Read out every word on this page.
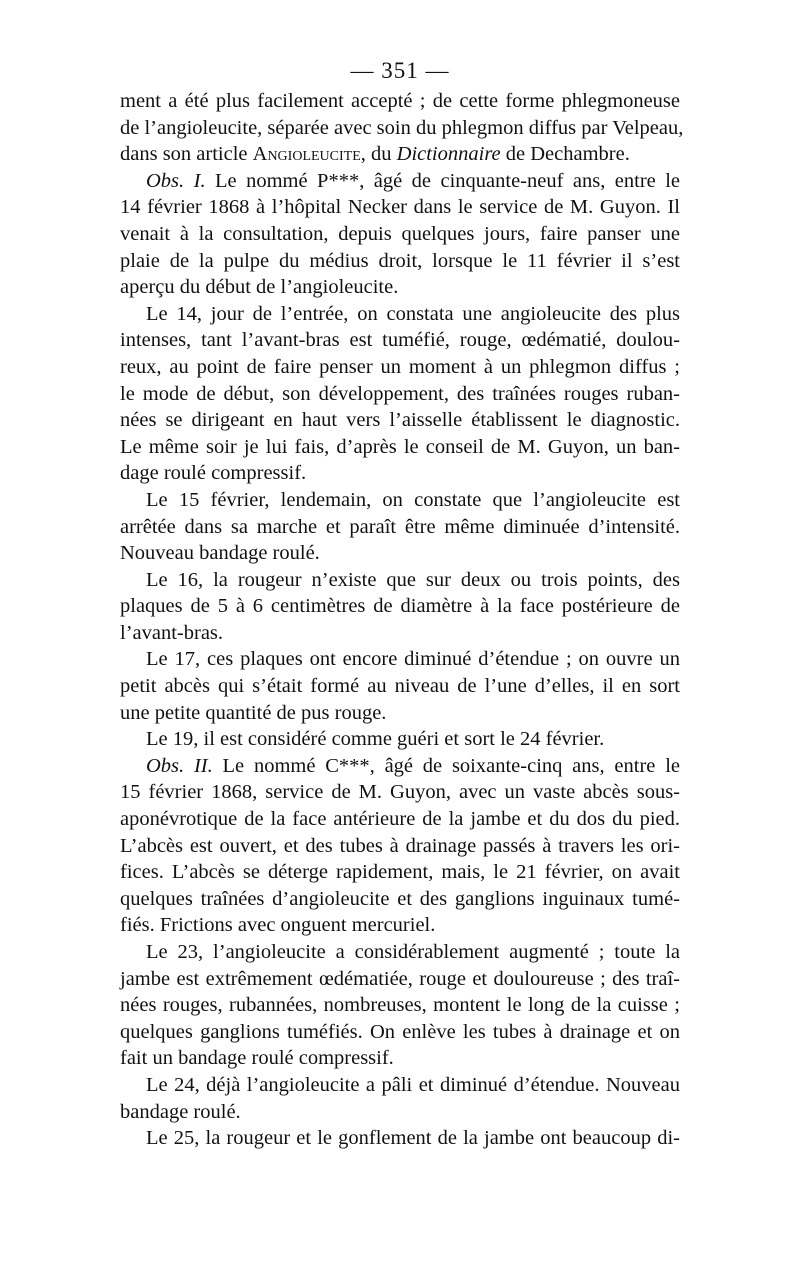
— 351 —
ment a été plus facilement accepté ; de cette forme phlegmoneuse
de l’angioleucite, séparée avec soin du phlegmon diffus par Velpeau,
dans son article Angioleucite, du Dictionnaire de Dechambre.
Obs. I. Le nommé P***, âgé de cinquante-neuf ans, entre le
14 février 1868 à l’hôpital Necker dans le service de M. Guyon. Il
venait à la consultation, depuis quelques jours, faire panser une
plaie de la pulpe du médius droit, lorsque le 11 février il s’est
aperçu du début de l’angioleucite.
Le 14, jour de l’entrée, on constata une angioleucite des plus
intenses, tant l’avant-bras est tuméfié, rouge, œdématié, doulou-
reux, au point de faire penser un moment à un phlegmon diffus ;
le mode de début, son développement, des traînées rouges ruban-
nées se dirigeant en haut vers l’aisselle établissent le diagnostic.
Le même soir je lui fais, d’après le conseil de M. Guyon, un ban-
dage roulé compressif.
Le 15 février, lendemain, on constate que l’angioleucite est
arrêtée dans sa marche et paraît être même diminuée d’intensité.
Nouveau bandage roulé.
Le 16, la rougeur n’existe que sur deux ou trois points, des
plaques de 5 à 6 centimètres de diamètre à la face postérieure de
l’avant-bras.
Le 17, ces plaques ont encore diminué d’étendue ; on ouvre un
petit abcès qui s’était formé au niveau de l’une d’elles, il en sort
une petite quantité de pus rouge.
Le 19, il est considéré comme guéri et sort le 24 février.
Obs. II. Le nommé C***, âgé de soixante-cinq ans, entre le
15 février 1868, service de M. Guyon, avec un vaste abcès sous-
aponévrotique de la face antérieure de la jambe et du dos du pied.
L’abcès est ouvert, et des tubes à drainage passés à travers les ori-
fices. L’abcès se déterge rapidement, mais, le 21 février, on avait
quelques traînées d’angioleucite et des ganglions inguinaux tumé-
fiés. Frictions avec onguent mercuriel.
Le 23, l’angioleucite a considérablement augmenté ; toute la
jambe est extrêmement œdématiée, rouge et douloureuse ; des traî-
nées rouges, rubannées, nombreuses, montent le long de la cuisse ;
quelques ganglions tuméfiés. On enlève les tubes à drainage et on
fait un bandage roulé compressif.
Le 24, déjà l’angioleucite a pâli et diminué d’étendue. Nouveau
bandage roulé.
Le 25, la rougeur et le gonflement de la jambe ont beaucoup di-
